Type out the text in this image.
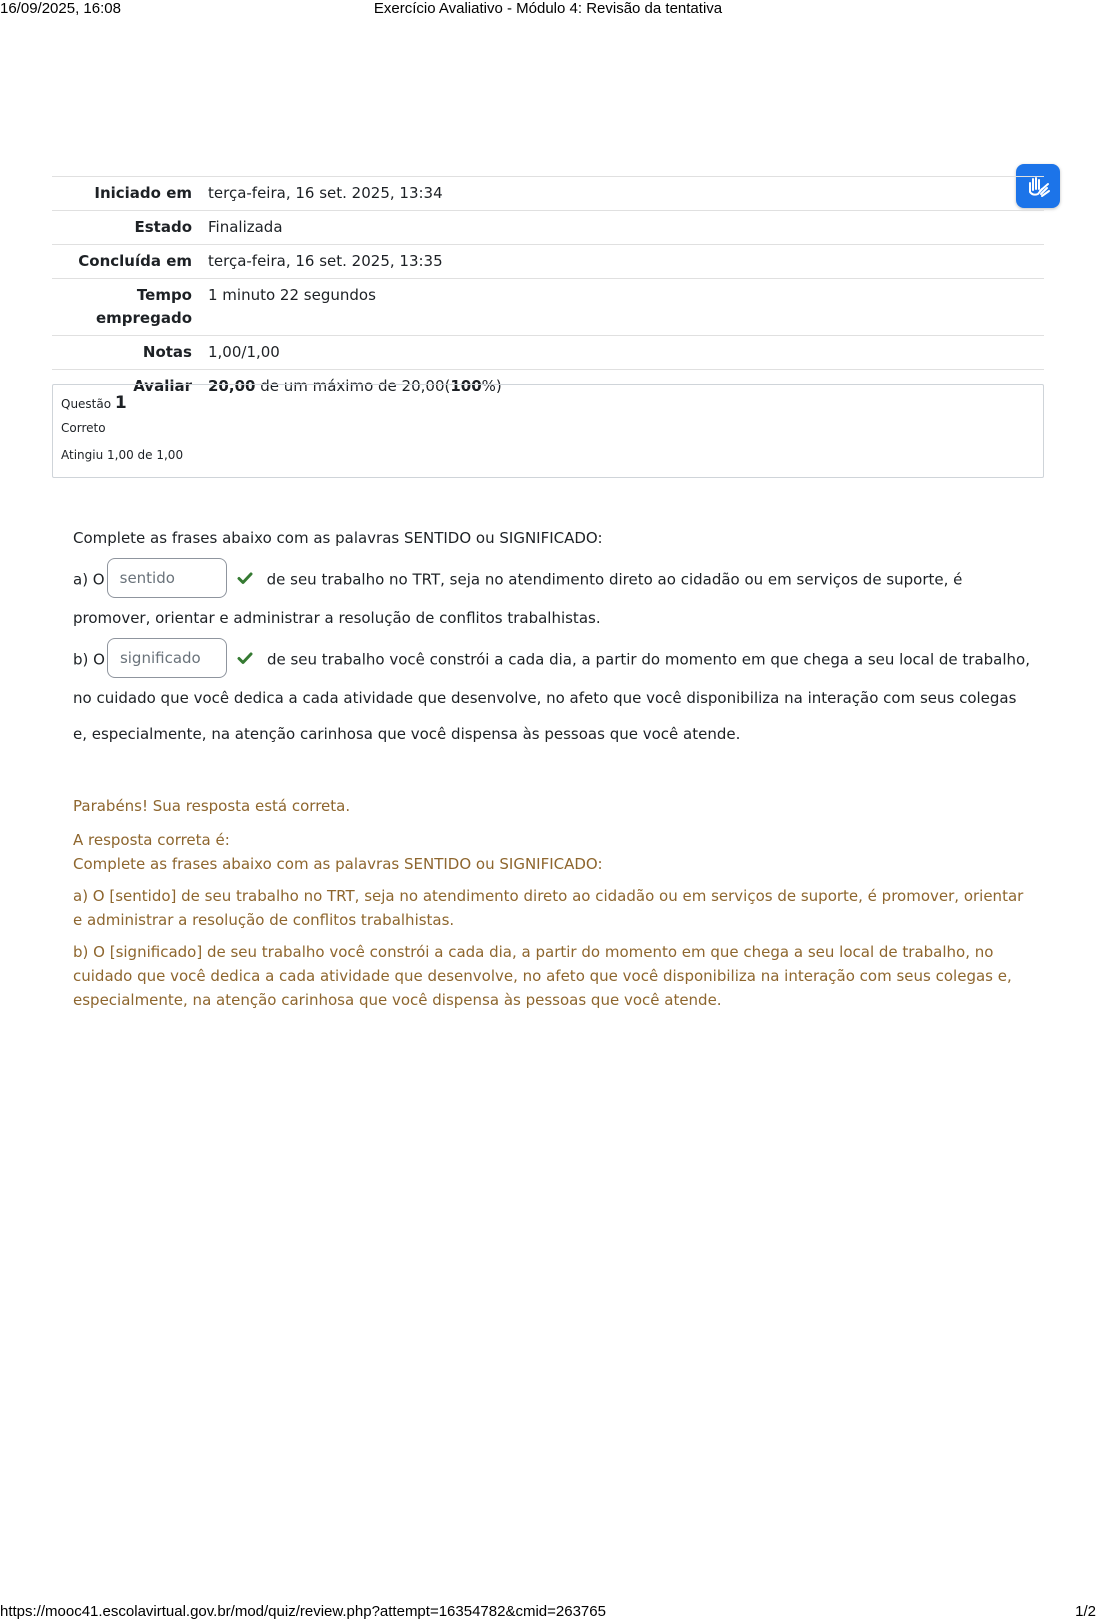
16/09/2025, 16:08	Exercício Avaliativo - Módulo 4: Revisão da tentativa
Iniciado em	terça-feira, 16 set. 2025, 13:34
Estado	Finalizada
Concluída em	terça-feira, 16 set. 2025, 13:35
Tempo
empregado	1 minuto 22 segundos
Notas	1,00/1,00
Avaliar	20,00 de um máximo de 20,00(100%)
Questão 1
Correto
Atingiu 1,00 de 1,00
Complete as frases abaixo com as palavras SENTIDO ou SIGNIFICADO:
a) O sentido	de seu trabalho no TRT, seja no atendimento direto ao cidadão ou em serviços de suporte, é promover, orientar e administrar a resolução de conflitos trabalhistas.
b) O significado	de seu trabalho você constrói a cada dia, a partir do momento em que chega a seu local de trabalho, no cuidado que você dedica a cada atividade que desenvolve, no afeto que você disponibiliza na interação com seus colegas e, especialmente, na atenção carinhosa que você dispensa às pessoas que você atende.
Parabéns! Sua resposta está correta.
A resposta correta é:
Complete as frases abaixo com as palavras SENTIDO ou SIGNIFICADO:
a) O [sentido] de seu trabalho no TRT, seja no atendimento direto ao cidadão ou em serviços de suporte, é promover, orientar e administrar a resolução de conflitos trabalhistas.
b) O [significado] de seu trabalho você constrói a cada dia, a partir do momento em que chega a seu local de trabalho, no cuidado que você dedica a cada atividade que desenvolve, no afeto que você disponibiliza na interação com seus colegas e, especialmente, na atenção carinhosa que você dispensa às pessoas que você atende.
https://mooc41.escolavirtual.gov.br/mod/quiz/review.php?attempt=16354782&cmid=263765	1/2
